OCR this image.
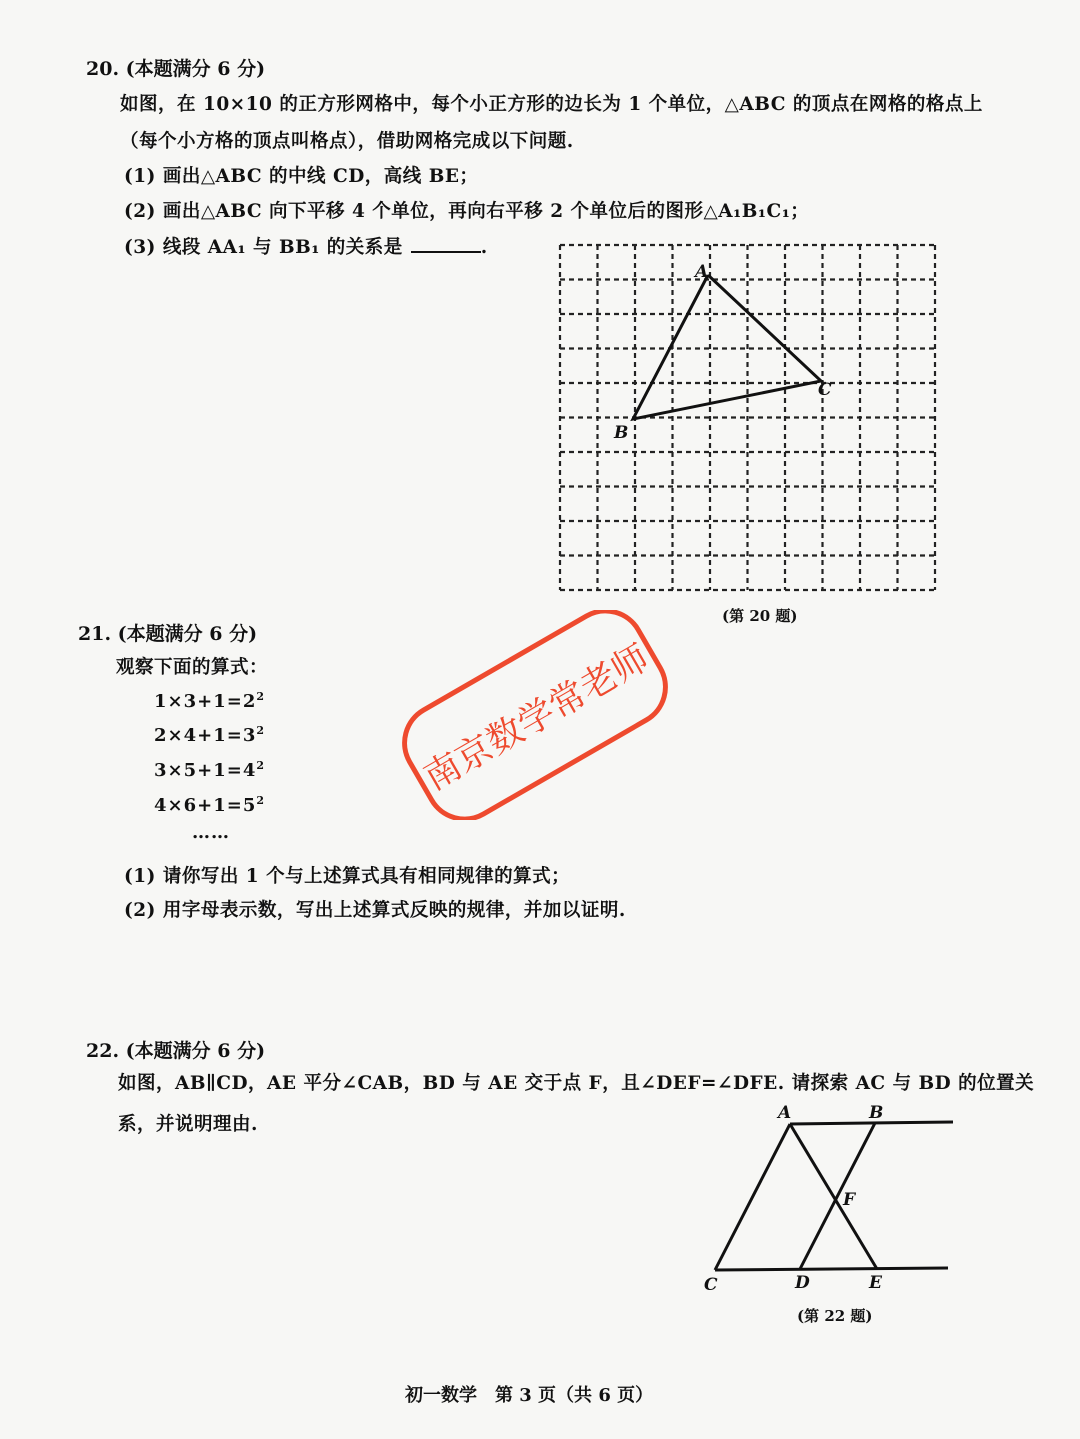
20. (本题满分 6 分)
如图，在 10×10 的正方形网格中，每个小正方形的边长为 1 个单位，△ABC 的顶点在网格的格点上
（每个小方格的顶点叫格点），借助网格完成以下问题.
(1) 画出△ABC 的中线 CD，高线 BE；
(2) 画出△ABC 向下平移 4 个单位，再向右平移 2 个单位后的图形△A₁B₁C₁；
(3) 线段 AA₁ 与 BB₁ 的关系是	.
A
B
C
(第 20 题)
21. (本题满分 6 分)
观察下面的算式：
$1\times 3+1=2^2$
$2\times 4+1=3^2$
$3\times 5+1=4^2$
$4\times 6+1=5^2$
……
(1) 请你写出 1 个与上述算式具有相同规律的算式；
(2) 用字母表示数，写出上述算式反映的规律，并加以证明.
南京数学常老师
22. (本题满分 6 分)
如图，AB∥CD，AE 平分∠CAB，BD 与 AE 交于点 F，且∠DEF=∠DFE. 请探索 AC 与 BD 的位置关
系，并说明理由.
A	B
C	D	E
F
(第 22 题)
初一数学　第 3 页（共 6 页）
